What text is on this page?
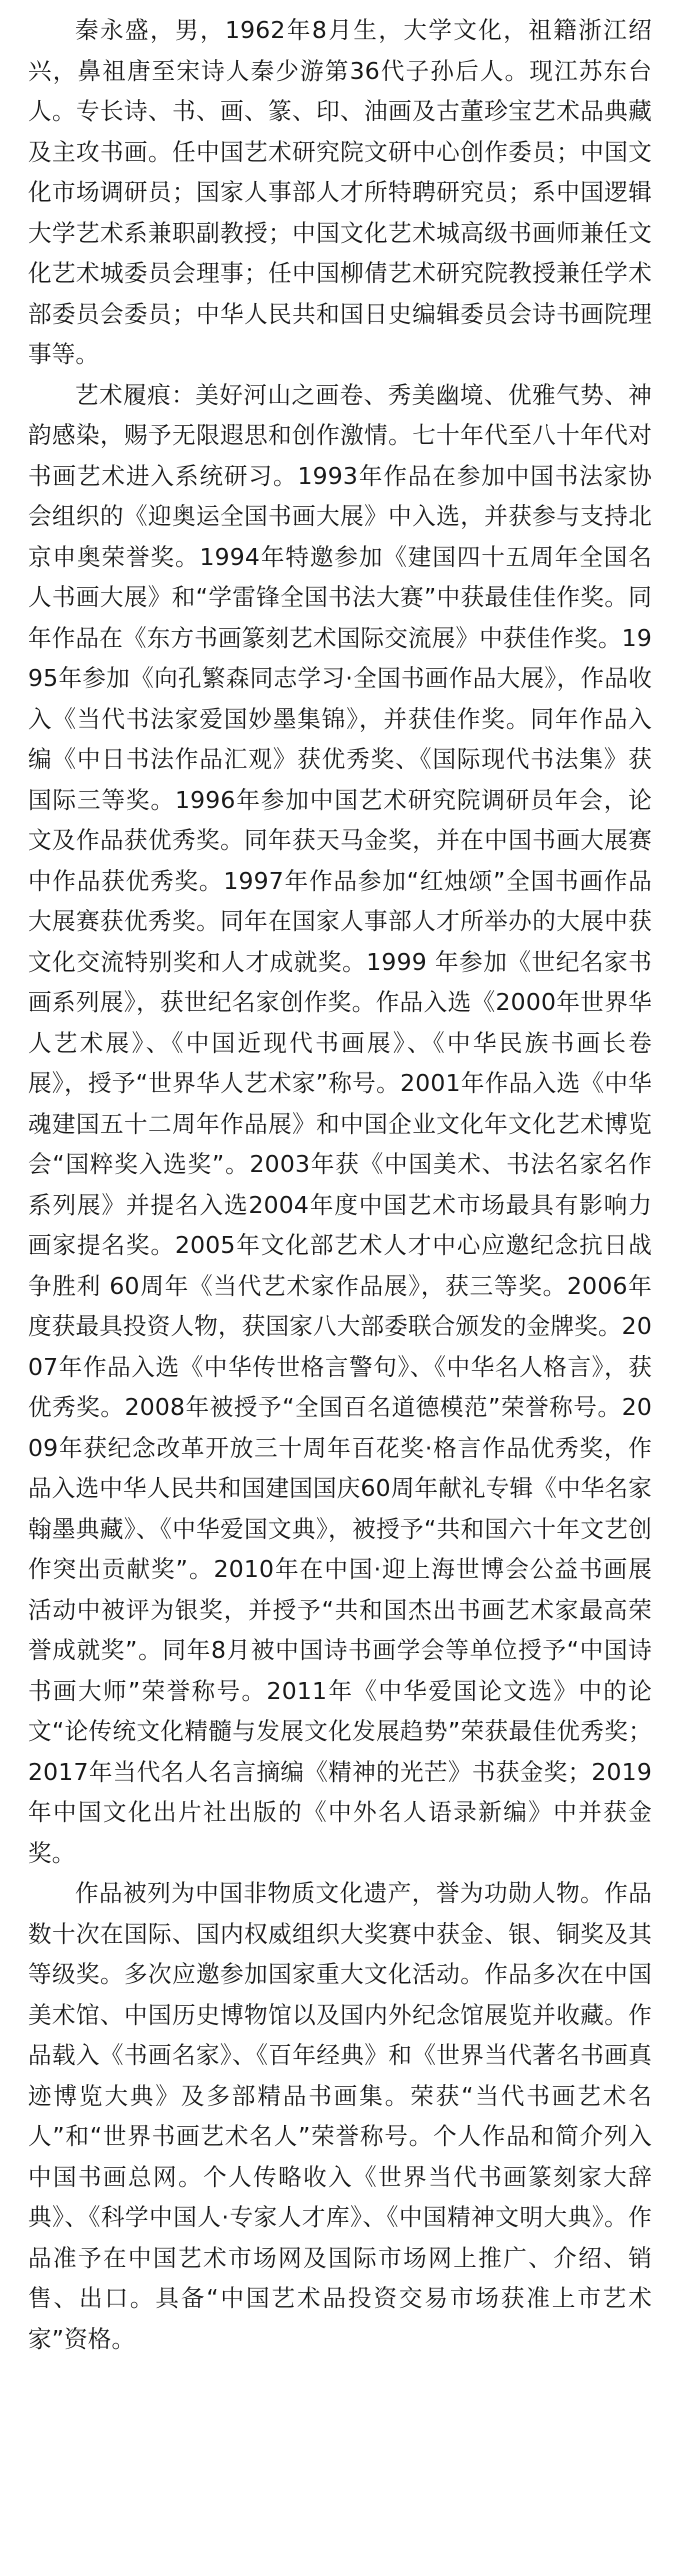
秦永盛，男，1962年8月生，大学文化，祖籍浙江绍兴，鼻祖唐至宋诗人秦少游第36代子孙后人。现江苏东台人。专长诗、书、画、篆、印、油画及古董珍宝艺术品典藏及主攻书画。任中国艺术研究院文研中心创作委员；中国文化市场调研员；国家人事部人才所特聘研究员；系中国逻辑大学艺术系兼职副教授；中国文化艺术城高级书画师兼任文化艺术城委员会理事；任中国柳倩艺术研究院教授兼任学术部委员会委员；中华人民共和国日史编辑委员会诗书画院理事等。

艺术履痕：美好河山之画卷、秀美幽境、优雅气势、神韵感染，赐予无限遐思和创作激情。七十年代至八十年代对书画艺术进入系统研习。1993年作品在参加中国书法家协会组织的《迎奥运全国书画大展》中入选，并获参与支持北京申奥荣誉奖。1994年特邀参加《建国四十五周年全国名人书画大展》和“学雷锋全国书法大赛”中获最佳佳作奖。同年作品在《东方书画篆刻艺术国际交流展》中获佳作奖。1995年参加《向孔繁森同志学习·全国书画作品大展》，作品收入《当代书法家爱国妙墨集锦》，并获佳作奖。同年作品入编《中日书法作品汇观》获优秀奖、《国际现代书法集》获国际三等奖。1996年参加中国艺术研究院调研员年会，论文及作品获优秀奖。同年获天马金奖，并在中国书画大展赛中作品获优秀奖。1997年作品参加“红烛颂”全国书画作品大展赛获优秀奖。同年在国家人事部人才所举办的大展中获文化交流特别奖和人才成就奖。1999 年参加《世纪名家书画系列展》，获世纪名家创作奖。作品入选《2000年世界华人艺术展》、《中国近现代书画展》、《中华民族书画长卷展》，授予“世界华人艺术家”称号。2001年作品入选《中华魂建国五十二周年作品展》和中国企业文化年文化艺术博览会“国粹奖入选奖”。2003年获《中国美术、书法名家名作系列展》并提名入选2004年度中国艺术市场最具有影响力画家提名奖。2005年文化部艺术人才中心应邀纪念抗日战争胜利 60周年《当代艺术家作品展》，获三等奖。2006年度获最具投资人物，获国家八大部委联合颁发的金牌奖。2007年作品入选《中华传世格言警句》、《中华名人格言》，获优秀奖。2008年被授予“全国百名道德模范”荣誉称号。2009年获纪念改革开放三十周年百花奖·格言作品优秀奖，作品入选中华人民共和国建国国庆60周年献礼专辑《中华名家翰墨典藏》、《中华爱国文典》，被授予“共和国六十年文艺创作突出贡献奖”。2010年在中国·迎上海世博会公益书画展活动中被评为银奖，并授予“共和国杰出书画艺术家最高荣誉成就奖”。同年8月被中国诗书画学会等单位授予“中国诗书画大师”荣誉称号。2011年《中华爱国论文选》中的论文“论传统文化精髓与发展文化发展趋势”荣获最佳优秀奖；2017年当代名人名言摘编《精神的光芒》书获金奖；2019年中国文化出片社出版的《中外名人语录新编》中并获金奖。

作品被列为中国非物质文化遗产，誉为功勋人物。作品数十次在国际、国内权威组织大奖赛中获金、银、铜奖及其等级奖。多次应邀参加国家重大文化活动。作品多次在中国美术馆、中国历史博物馆以及国内外纪念馆展览并收藏。作品载入《书画名家》、《百年经典》和《世界当代著名书画真迹博览大典》及多部精品书画集。荣获“当代书画艺术名人”和“世界书画艺术名人”荣誉称号。个人作品和简介列入中国书画总网。个人传略收入《世界当代书画篆刻家大辞典》、《科学中国人·专家人才库》、《中国精神文明大典》。作品准予在中国艺术市场网及国际市场网上推广、介绍、销售、出口。具备“中国艺术品投资交易市场获准上市艺术家”资格。
